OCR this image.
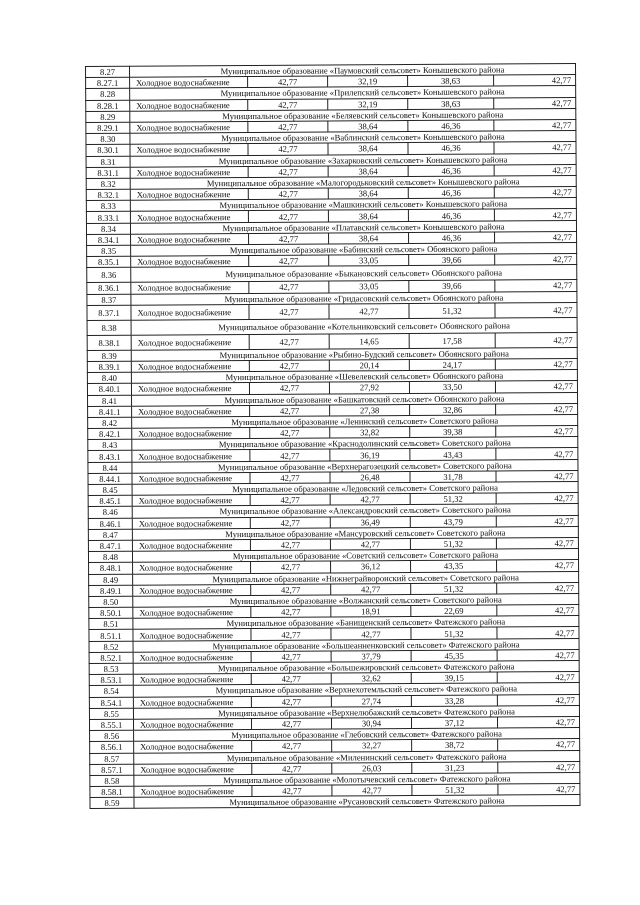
8.27	Муниципальное образование «Паумовский сельсовет» Конышевского района				
8.27.1	Холодное водоснабжение	42,77	32,19	38,63	42,77
8.28	Муниципальное образование «Прилепский сельсовет» Конышевского района				
8.28.1	Холодное водоснабжение	42,77	32,19	38,63	42,77
8.29	Муниципальное образование «Беляевский сельсовет» Конышевского района				
8.29.1	Холодное водоснабжение	42,77	38,64	46,36	42,77
8.30	Муниципальное образование «Ваблинский сельсовет» Конышевского района				
8.30.1	Холодное водоснабжение	42,77	38,64	46,36	42,77
8.31	Муниципальное образование «Захарковский сельсовет» Конышевского района				
8.31.1	Холодное водоснабжение	42,77	38,64	46,36	42,77
8.32	Муниципальное образование «Малогородьковский сельсовет» Конышевского района				
8.32.1	Холодное водоснабжение	42,77	38,64	46,36	42,77
8.33	Муниципальное образование «Машкинский сельсовет» Конышевского района				
8.33.1	Холодное водоснабжение	42,77	38,64	46,36	42,77
8.34	Муниципальное образование «Платавский сельсовет» Конышевского района				
8.34.1	Холодное водоснабжение	42,77	38,64	46,36	42,77
8.35	Муниципальное образование «Бабинский сельсовет» Обоянского района				
8.35.1	Холодное водоснабжение	42,77	33,05	39,66	42,77
8.36	Муниципальное образование «Быкановский сельсовет» Обоянского района				
8.36.1	Холодное водоснабжение	42,77	33,05	39,66	42,77
8.37	Муниципальное образование «Гридасовский сельсовет» Обоянского района				
8.37.1	Холодное водоснабжение	42,77	42,77	51,32	42,77
8.38	Муниципальное образование «Котельниковский сельсовет» Обоянского района				
8.38.1	Холодное водоснабжение	42,77	14,65	17,58	42,77
8.39	Муниципальное образование «Рыбино-Будский сельсовет» Обоянского района				
8.39.1	Холодное водоснабжение	42,77	20,14	24,17	42,77
8.40	Муниципальное образование «Шевелевский сельсовет» Обоянского района				
8.40.1	Холодное водоснабжение	42,77	27,92	33,50	42,77
8.41	Муниципальное образование «Башкатовский сельсовет» Обоянского района				
8.41.1	Холодное водоснабжение	42,77	27,38	32,86	42,77
8.42	Муниципальное образование «Ленинский сельсовет» Советского района				
8.42.1	Холодное водоснабжение	42,77	32,82	39,38	42,77
8.43	Муниципальное образование «Краснодолинский сельсовет» Советского района				
8.43.1	Холодное водоснабжение	42,77	36,19	43,43	42,77
8.44	Муниципальное образование «Верхнерагозецкий сельсовет» Советского района				
8.44.1	Холодное водоснабжение	42,77	26,48	31,78	42,77
8.45	Муниципальное образование «Ледовский сельсовет» Советского района				
8.45.1	Холодное водоснабжение	42,77	42,77	51,32	42,77
8.46	Муниципальное образование «Александровский сельсовет» Советского района				
8.46.1	Холодное водоснабжение	42,77	36,49	43,79	42,77
8.47	Муниципальное образование «Мансуровский сельсовет» Советского района				
8.47.1	Холодное водоснабжение	42,77	42,77	51,32	42,77
8.48	Муниципальное образование «Советский сельсовет» Советского района				
8.48.1	Холодное водоснабжение	42,77	36,12	43,35	42,77
8.49	Муниципальное образование «Нижнеграйворонский сельсовет» Советского района				
8.49.1	Холодное водоснабжение	42,77	42,77	51,32	42,77
8.50	Муниципальное образование «Волжанский сельсовет» Советского района				
8.50.1	Холодное водоснабжение	42,77	18,91	22,69	42,77
8.51	Муниципальное образование «Банищенский сельсовет» Фатежского района				
8.51.1	Холодное водоснабжение	42,77	42,77	51,32	42,77
8.52	Муниципальное образование «Большеанненковский сельсовет» Фатежского района				
8.52.1	Холодное водоснабжение	42,77	37,79	45,35	42,77
8.53	Муниципальное образование «Большежировский сельсовет» Фатежского района				
8.53.1	Холодное водоснабжение	42,77	32,62	39,15	42,77
8.54	Муниципальное образование «Верхнехотемльский сельсовет» Фатежского района				
8.54.1	Холодное водоснабжение	42,77	27,74	33,28	42,77
8.55	Муниципальное образование «Верхнелюбажский сельсовет» Фатежского района				
8.55.1	Холодное водоснабжение	42,77	30,94	37,12	42,77
8.56	Муниципальное образование «Глебовский сельсовет» Фатежского района				
8.56.1	Холодное водоснабжение	42,77	32,27	38,72	42,77
8.57	Муниципальное образование «Миленинский сельсовет» Фатежского района				
8.57.1	Холодное водоснабжение	42,77	26,03	31,23	42,77
8.58	Муниципальное образование «Молотычевский сельсовет» Фатежского района				
8.58.1	Холодное водоснабжение	42,77	42,77	51,32	42,77
8.59	Муниципальное образование «Русановский сельсовет» Фатежского района				
